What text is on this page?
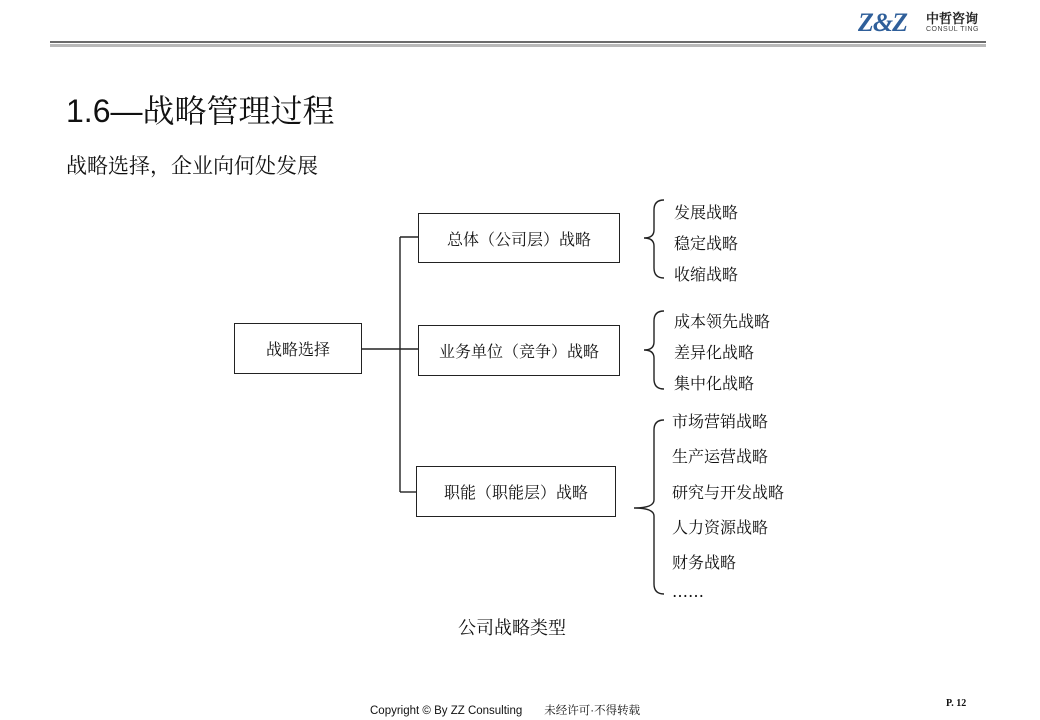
Z&Z 中哲咨询
CONSUL TING
1.6—战略管理过程
战略选择，企业向何处发展
战略选择
总体（公司层）战略
业务单位（竞争）战略
职能（职能层）战略
发展战略
稳定战略
收缩战略
成本领先战略
差异化战略
集中化战略
市场营销战略
生产运营战略
研究与开发战略
人力资源战略
财务战略
……
公司战略类型
Copyright © By ZZ Consulting 未经许可·不得转载
P. 12
